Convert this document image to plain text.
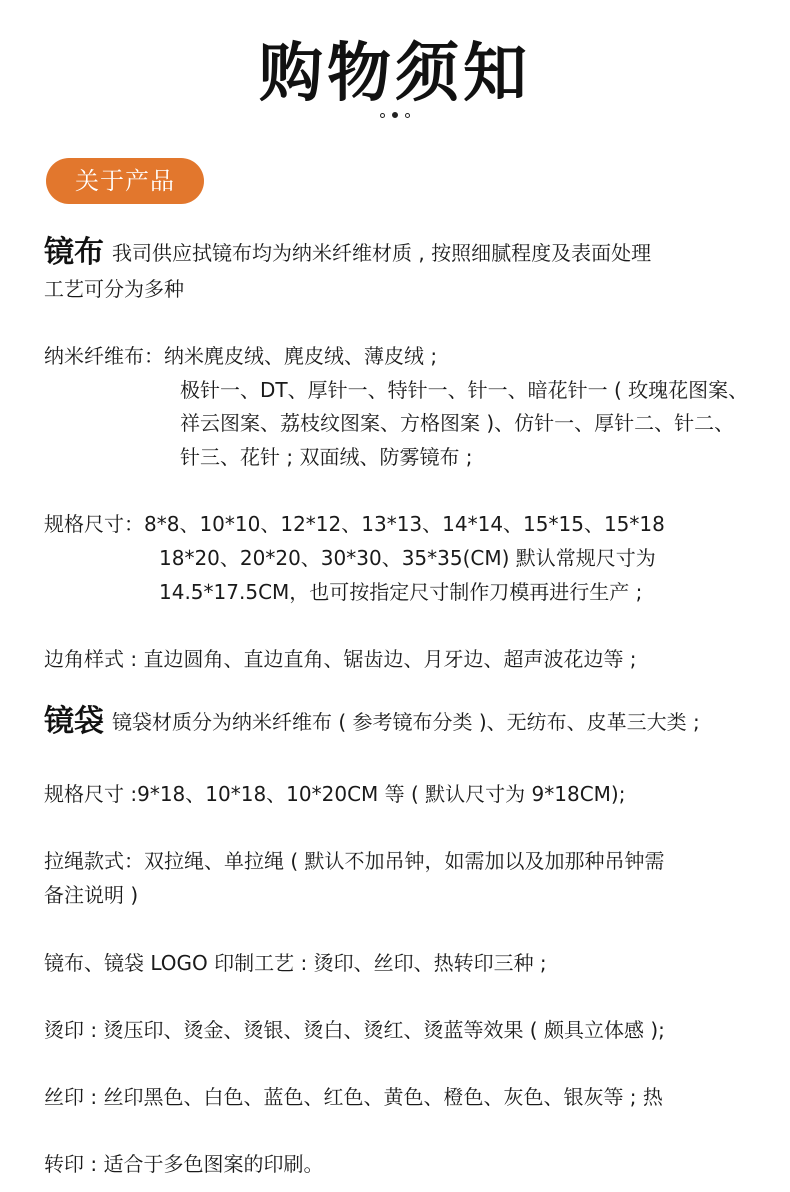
购物须知
关于产品
镜布 我司供应拭镜布均为纳米纤维材质 , 按照细腻程度及表面处理
工艺可分为多种
纳米纤维布：纳米麂皮绒、麂皮绒、薄皮绒 ;
极针一、DT、厚针一、特针一、针一、暗花针一 ( 玫瑰花图案、
祥云图案、荔枝纹图案、方格图案 )、仿针一、厚针二、针二、
针三、花针 ; 双面绒、防雾镜布 ;
规格尺寸：8*8、10*10、12*12、13*13、14*14、15*15、15*18
18*20、20*20、30*30、35*35(CM) 默认常规尺寸为
14.5*17.5CM，也可按指定尺寸制作刀模再进行生产 ;
边角样式 : 直边圆角、直边直角、锯齿边、月牙边、超声波花边等 ;
镜袋 镜袋材质分为纳米纤维布 ( 参考镜布分类 )、无纺布、皮革三大类 ;
规格尺寸 :9*18、10*18、10*20CM 等 ( 默认尺寸为 9*18CM);
拉绳款式：双拉绳、单拉绳 ( 默认不加吊钟，如需加以及加那种吊钟需
备注说明 )
镜布、镜袋 LOGO 印制工艺 : 烫印、丝印、热转印三种 ;
烫印 : 烫压印、烫金、烫银、烫白、烫红、烫蓝等效果 ( 颇具立体感 );
丝印 : 丝印黑色、白色、蓝色、红色、黄色、橙色、灰色、银灰等 ; 热
转印 : 适合于多色图案的印刷。
